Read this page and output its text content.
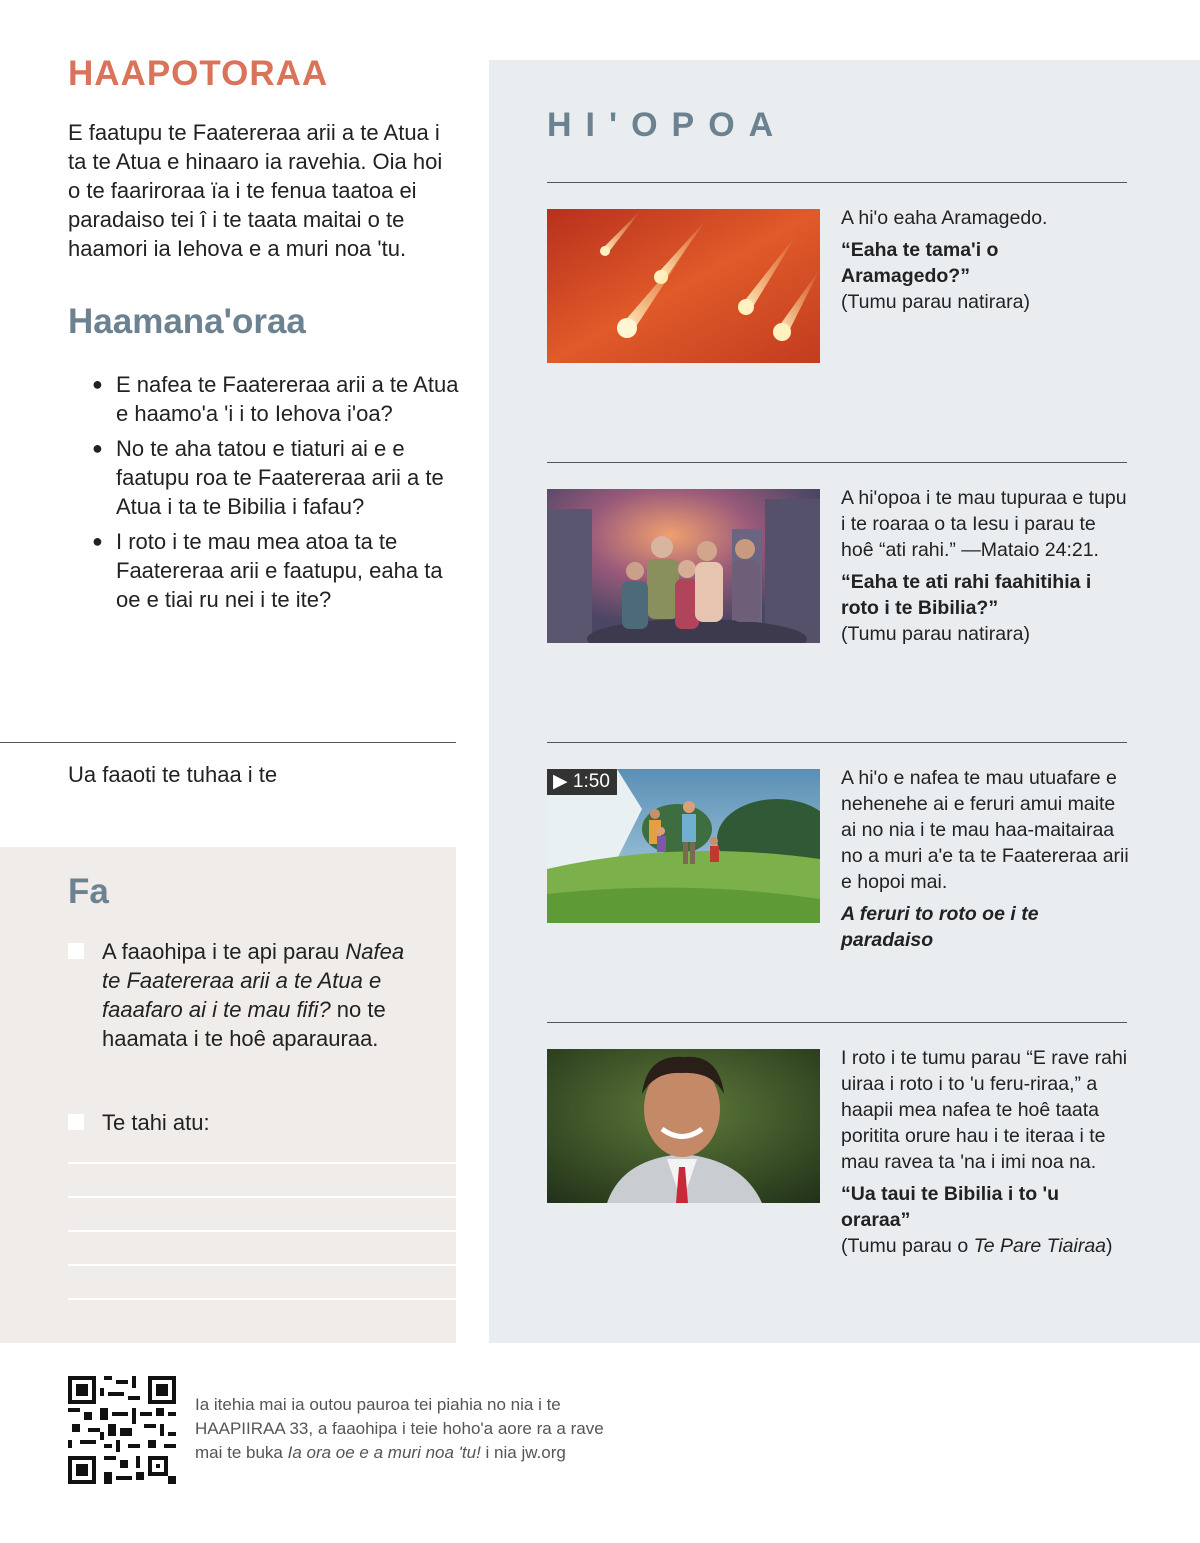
HAAPOTORAA
E faatupu te Faatereraa arii a te Atua i ta te Atua e hinaaro ia ravehia. Oia hoi o te faariroraa ïa i te fenua taatoa ei paradaiso tei î i te taata maitai o te haamori ia Iehova e a muri noa 'tu.
Haamana'oraa
● E nafea te Faatereraa arii a te Atua e haamo'a 'i i to Iehova i'oa?
● No te aha tatou e tiaturi ai e e faatupu roa te Faatereraa arii a te Atua i ta te Bibilia i fafau?
● I roto i te mau mea atoa ta te Faatereraa arii e faatupu, eaha ta oe e tiai ru nei i te ite?
Ua faaoti te tuhaa i te
Fa
A faaohipa i te api parau Nafea te Faatereraa arii a te Atua e faaafaro ai i te mau fifi? no te haamata i te hoê aparauraa.
Te tahi atu:
HI'OPOA
A hi'o eaha Aramagedo.
“Eaha te tama'i o Aramagedo?”
(Tumu parau natirara)
A hi'opoa i te mau tupuraa e tupu i te roaraa o ta Iesu i parau te hoê “ati rahi.” —Mataio 24:21.
“Eaha te ati rahi faahitihia i roto i te Bibilia?”
(Tumu parau natirara)
▶ 1:50	A hi'o e nafea te mau utuafare e nehenehe ai e feruri amui maite ai no nia i te mau haa-maitairaa no a muri a'e ta te Faatereraa arii e hopoi mai.
A feruri to roto oe i te paradaiso
I roto i te tumu parau “E rave rahi uiraa i roto i to 'u feru-riraa,” a haapii mea nafea te hoê taata poritita orure hau i te iteraa i te mau ravea ta 'na i imi noa na.
“Ua taui te Bibilia i to 'u oraraa”
(Tumu parau o Te Pare Tiairaa)
Ia itehia mai ia outou pauroa tei piahia no nia i te HAAPIIRAA 33, a faaohipa i teie hoho'a aore ra a rave mai te buka Ia ora oe e a muri noa 'tu! i nia jw.org
